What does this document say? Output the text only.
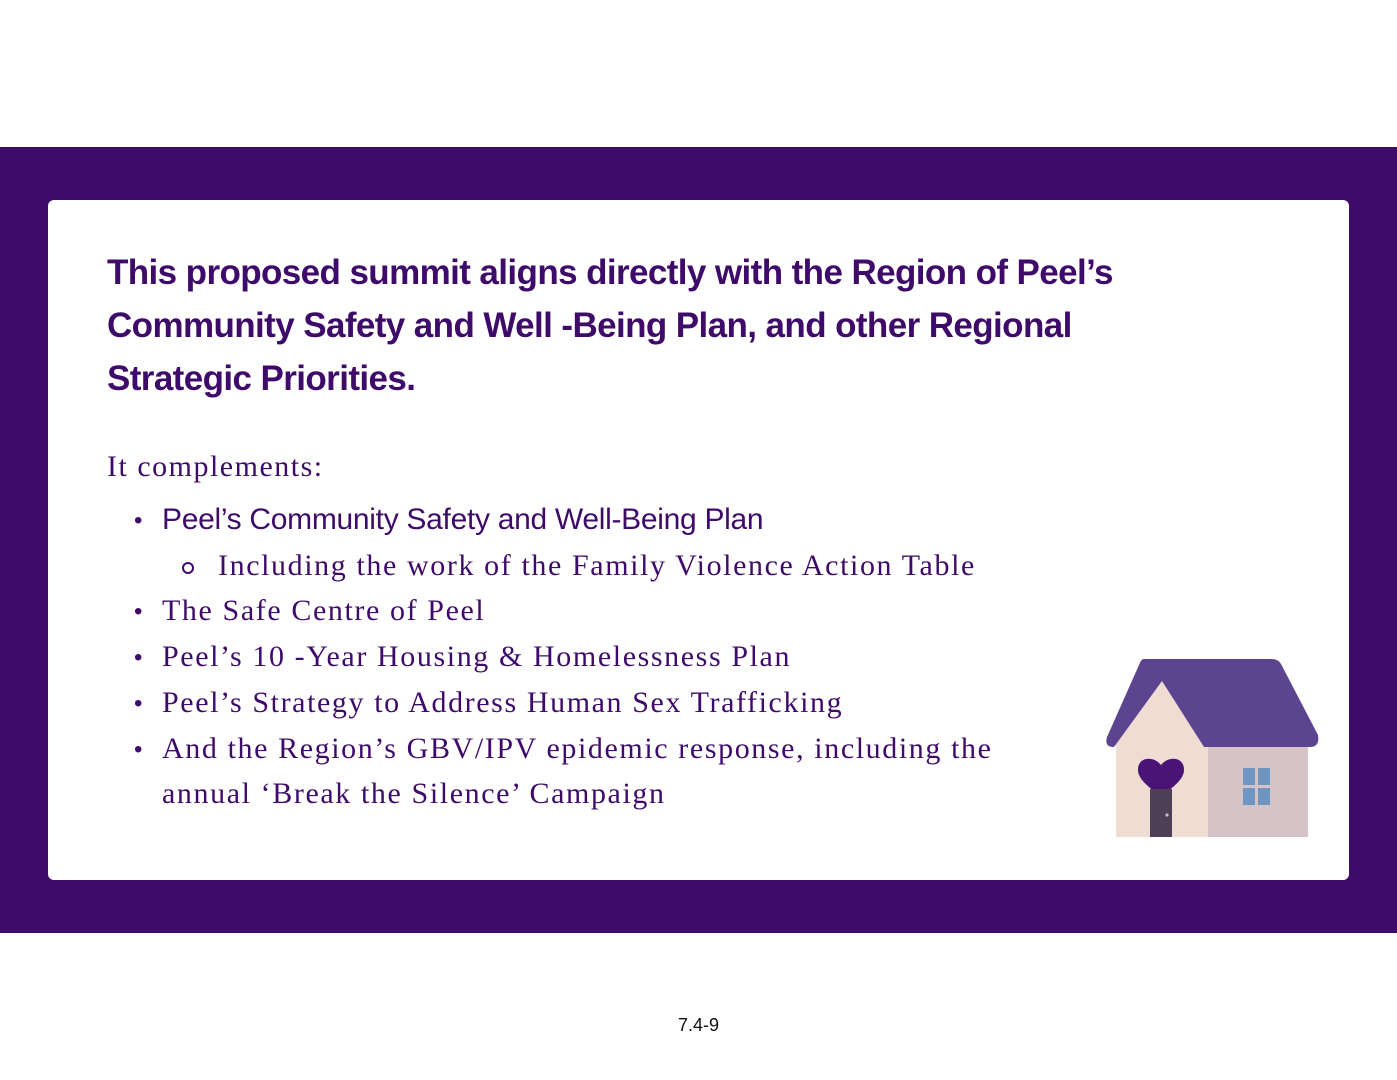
This proposed summit aligns directly with the Region of Peel’s
Community Safety and Well -Being Plan, and other Regional
Strategic Priorities.

It complements:

• Peel’s Community Safety and Well-Being Plan
Including the work of the Family Violence Action Table
• The Safe Centre of Peel
• Peel’s 10 -Year Housing & Homelessness Plan
• Peel’s Strategy to Address Human Sex Trafficking
• And the Region’s GBV/IPV epidemic response, including the
annual ‘Break the Silence’ Campaign
7.4-9
